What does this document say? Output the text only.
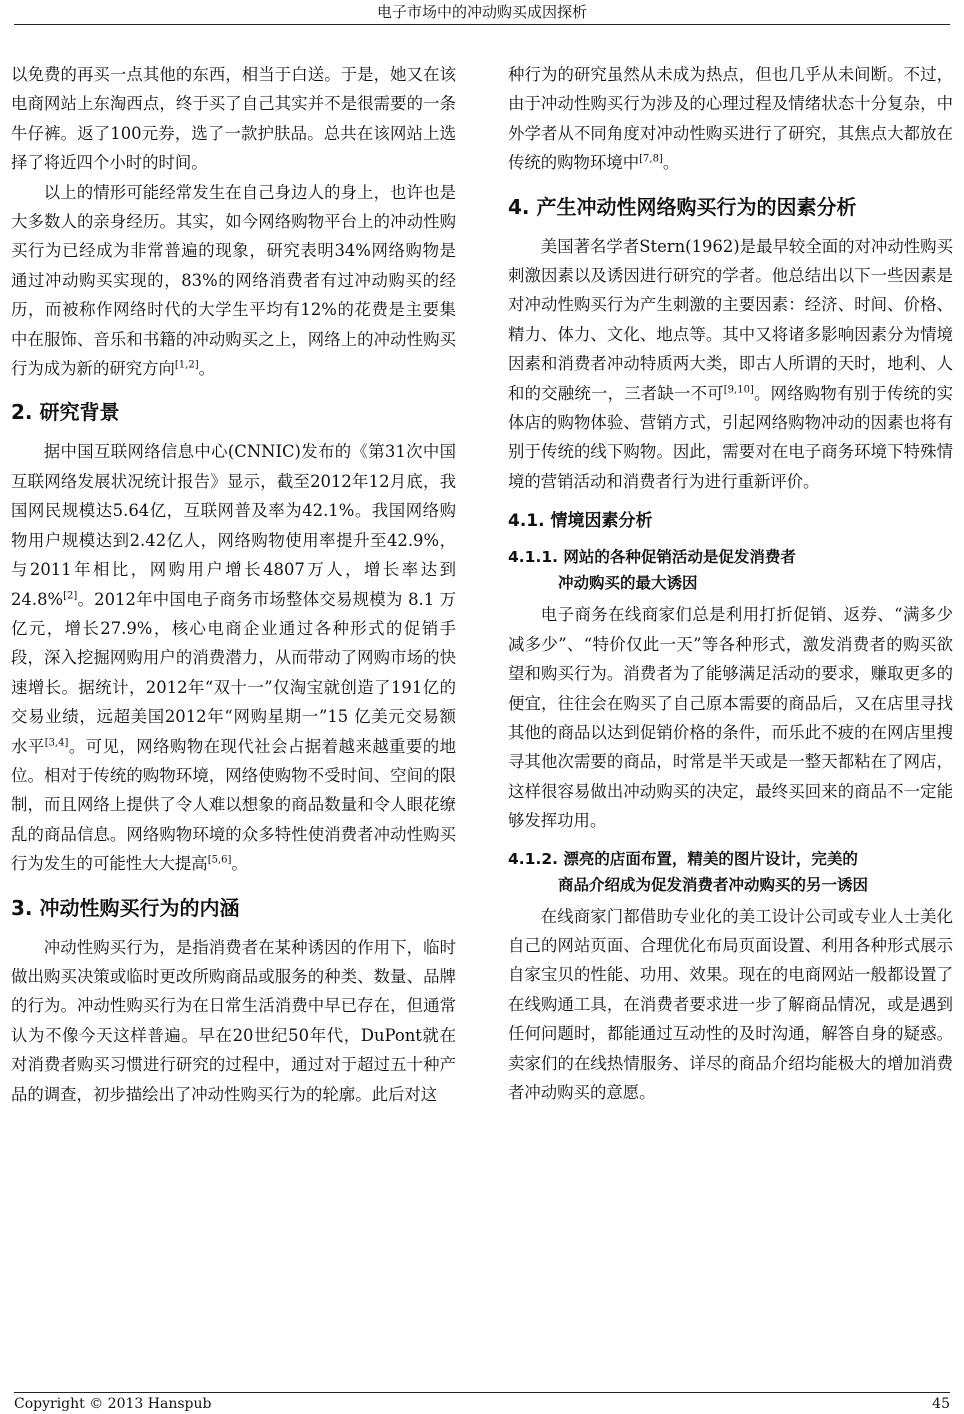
电子市场中的冲动购买成因探析

以免费的再买一点其他的东西，相当于白送。于是，她又在该电商网站上东淘西点，终于买了自己其实并不是很需要的一条牛仔裤。返了100元券，选了一款护肤品。总共在该网站上选择了将近四个小时的时间。

以上的情形可能经常发生在自己身边人的身上，也许也是大多数人的亲身经历。其实，如今网络购物平台上的冲动性购买行为已经成为非常普遍的现象，研究表明34%网络购物是通过冲动购买实现的，83%的网络消费者有过冲动购买的经历，而被称作网络时代的大学生平均有12%的花费是主要集中在服饰、音乐和书籍的冲动购买之上，网络上的冲动性购买行为成为新的研究方向[1,2]。

2. 研究背景

据中国互联网络信息中心(CNNIC)发布的《第31次中国互联网络发展状况统计报告》显示，截至2012年12月底，我国网民规模达5.64亿，互联网普及率为42.1%。我国网络购物用户规模达到2.42亿人，网络购物使用率提升至42.9%，与2011年相比，网购用户增长4807万人，增长率达到24.8%[2]。2012年中国电子商务市场整体交易规模为 8.1 万亿元，增长27.9%，核心电商企业通过各种形式的促销手段，深入挖掘网购用户的消费潜力，从而带动了网购市场的快速增长。据统计，2012年“双十一”仅淘宝就创造了191亿的交易业绩，远超美国2012年“网购星期一”15 亿美元交易额水平[3,4]。可见，网络购物在现代社会占据着越来越重要的地位。相对于传统的购物环境，网络使购物不受时间、空间的限制，而且网络上提供了令人难以想象的商品数量和令人眼花缭乱的商品信息。网络购物环境的众多特性使消费者冲动性购买行为发生的可能性大大提高[5,6]。

3. 冲动性购买行为的内涵

冲动性购买行为，是指消费者在某种诱因的作用下，临时做出购买决策或临时更改所购商品或服务的种类、数量、品牌的行为。冲动性购买行为在日常生活消费中早已存在，但通常认为不像今天这样普遍。早在20世纪50年代，DuPont就在对消费者购买习惯进行研究的过程中，通过对于超过五十种产品的调查，初步描绘出了冲动性购买行为的轮廓。此后对这

种行为的研究虽然从未成为热点，但也几乎从未间断。不过，由于冲动性购买行为涉及的心理过程及情绪状态十分复杂，中外学者从不同角度对冲动性购买进行了研究，其焦点大都放在传统的购物环境中[7,8]。

4. 产生冲动性网络购买行为的因素分析

美国著名学者Stern(1962)是最早较全面的对冲动性购买刺激因素以及诱因进行研究的学者。他总结出以下一些因素是对冲动性购买行为产生刺激的主要因素：经济、时间、价格、精力、体力、文化、地点等。其中又将诸多影响因素分为情境因素和消费者冲动特质两大类，即古人所谓的天时，地利、人和的交融统一，三者缺一不可[9,10]。网络购物有别于传统的实体店的购物体验、营销方式，引起网络购物冲动的因素也将有别于传统的线下购物。因此，需要对在电子商务环境下特殊情境的营销活动和消费者行为进行重新评价。

4.1. 情境因素分析
4.1.1. 网站的各种促销活动是促发消费者
冲动购买的最大诱因

电子商务在线商家们总是利用打折促销、返券、“满多少减多少”、“特价仅此一天”等各种形式，激发消费者的购买欲望和购买行为。消费者为了能够满足活动的要求，赚取更多的便宜，往往会在购买了自己原本需要的商品后，又在店里寻找其他的商品以达到促销价格的条件，而乐此不疲的在网店里搜寻其他次需要的商品，时常是半天或是一整天都粘在了网店，这样很容易做出冲动购买的决定，最终买回来的商品不一定能够发挥功用。

4.1.2. 漂亮的店面布置，精美的图片设计，完美的
商品介绍成为促发消费者冲动购买的另一诱因

在线商家门都借助专业化的美工设计公司或专业人士美化自己的网站页面、合理优化布局页面设置、利用各种形式展示自家宝贝的性能、功用、效果。现在的电商网站一般都设置了在线购通工具，在消费者要求进一步了解商品情况，或是遇到任何问题时，都能通过互动性的及时沟通，解答自身的疑惑。卖家们的在线热情服务、详尽的商品介绍均能极大的增加消费者冲动购买的意愿。

Copyright © 2013 Hanspub	45
